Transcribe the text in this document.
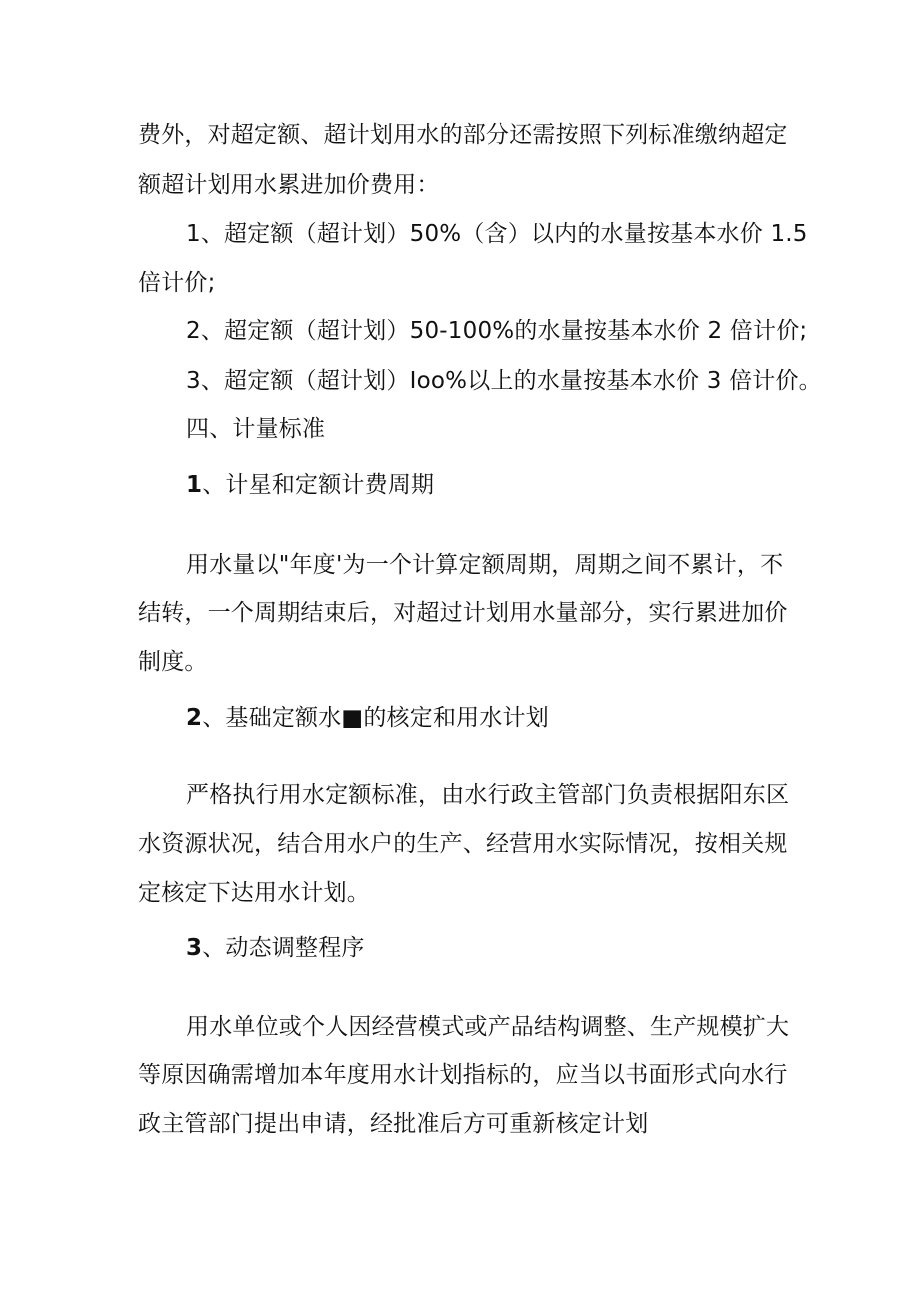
费外，对超定额、超计划用水的部分还需按照下列标准缴纳超定
额超计划用水累进加价费用：
1、超定额（超计划）50%（含）以内的水量按基本水价 1.5
倍计价;
2、超定额（超计划）50-100%的水量按基本水价 2 倍计价;
3、超定额（超计划）Ioo%以上的水量按基本水价 3 倍计价。
四、计量标准
1、计星和定额计费周期
用水量以"年度'为一个计算定额周期，周期之间不累计，不
结转，一个周期结束后，对超过计划用水量部分，实行累进加价
制度。
2、基础定额水■的核定和用水计划
严格执行用水定额标准，由水行政主管部门负责根据阳东区
水资源状况，结合用水户的生产、经营用水实际情况，按相关规
定核定下达用水计划。
3、动态调整程序
用水单位或个人因经营模式或产品结构调整、生产规模扩大
等原因确需增加本年度用水计划指标的，应当以书面形式向水行
政主管部门提出申请，经批准后方可重新核定计划
